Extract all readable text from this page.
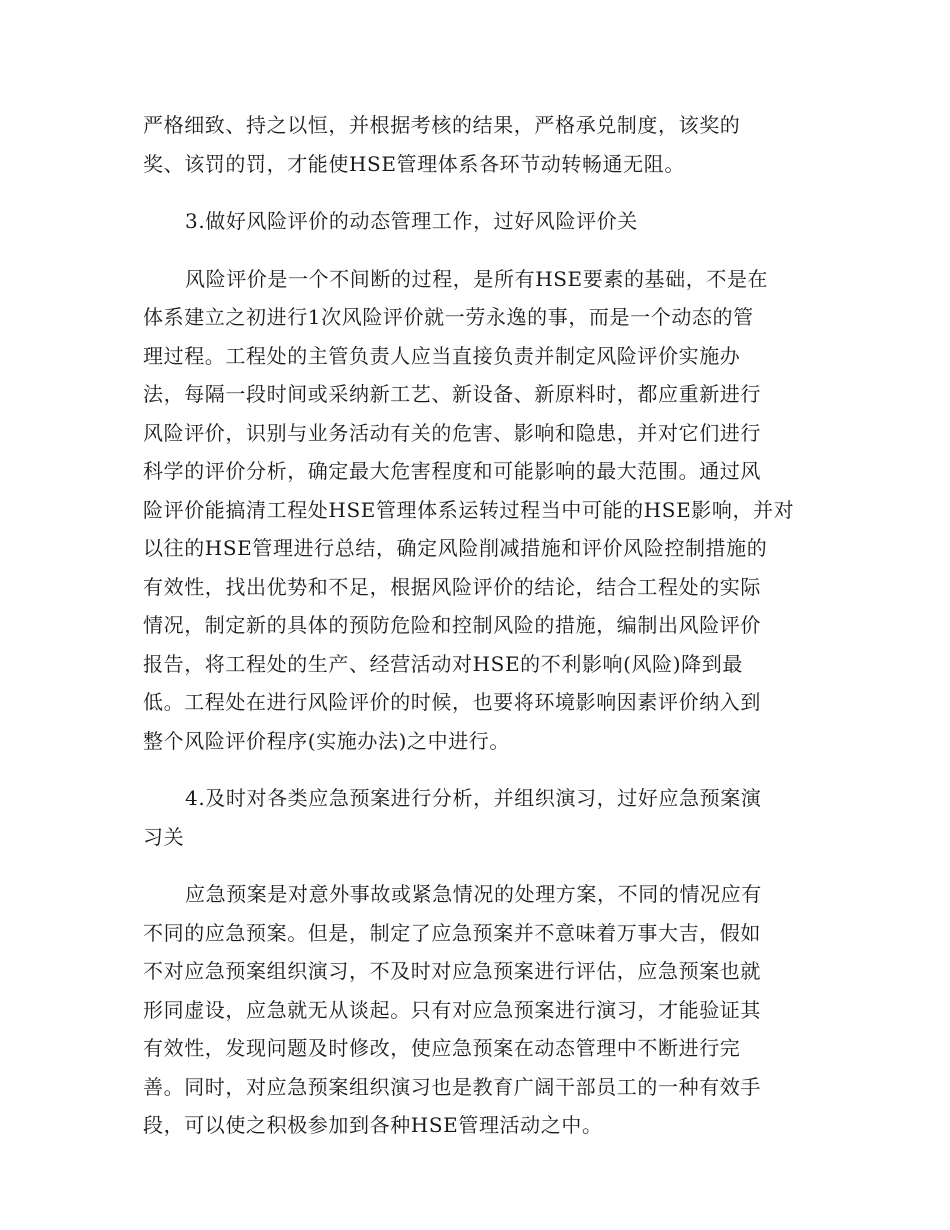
严格细致、持之以恒，并根据考核的结果，严格承兑制度，该奖的
奖、该罚的罚，才能使HSE管理体系各环节动转畅通无阻。

3.做好风险评价的动态管理工作，过好风险评价关

风险评价是一个不间断的过程，是所有HSE要素的基础，不是在
体系建立之初进行1次风险评价就一劳永逸的事，而是一个动态的管
理过程。工程处的主管负责人应当直接负责并制定风险评价实施办
法，每隔一段时间或采纳新工艺、新设备、新原料时，都应重新进行
风险评价，识别与业务活动有关的危害、影响和隐患，并对它们进行
科学的评价分析，确定最大危害程度和可能影响的最大范围。通过风
险评价能搞清工程处HSE管理体系运转过程当中可能的HSE影响，并对
以往的HSE管理进行总结，确定风险削减措施和评价风险控制措施的
有效性，找出优势和不足，根据风险评价的结论，结合工程处的实际
情况，制定新的具体的预防危险和控制风险的措施，编制出风险评价
报告，将工程处的生产、经营活动对HSE的不利影响(风险)降到最
低。工程处在进行风险评价的时候，也要将环境影响因素评价纳入到
整个风险评价程序(实施办法)之中进行。

4.及时对各类应急预案进行分析，并组织演习，过好应急预案演
习关

应急预案是对意外事故或紧急情况的处理方案，不同的情况应有
不同的应急预案。但是，制定了应急预案并不意味着万事大吉，假如
不对应急预案组织演习，不及时对应急预案进行评估，应急预案也就
形同虚设，应急就无从谈起。只有对应急预案进行演习，才能验证其
有效性，发现问题及时修改，使应急预案在动态管理中不断进行完
善。同时，对应急预案组织演习也是教育广阔干部员工的一种有效手
段，可以使之积极参加到各种HSE管理活动之中。
